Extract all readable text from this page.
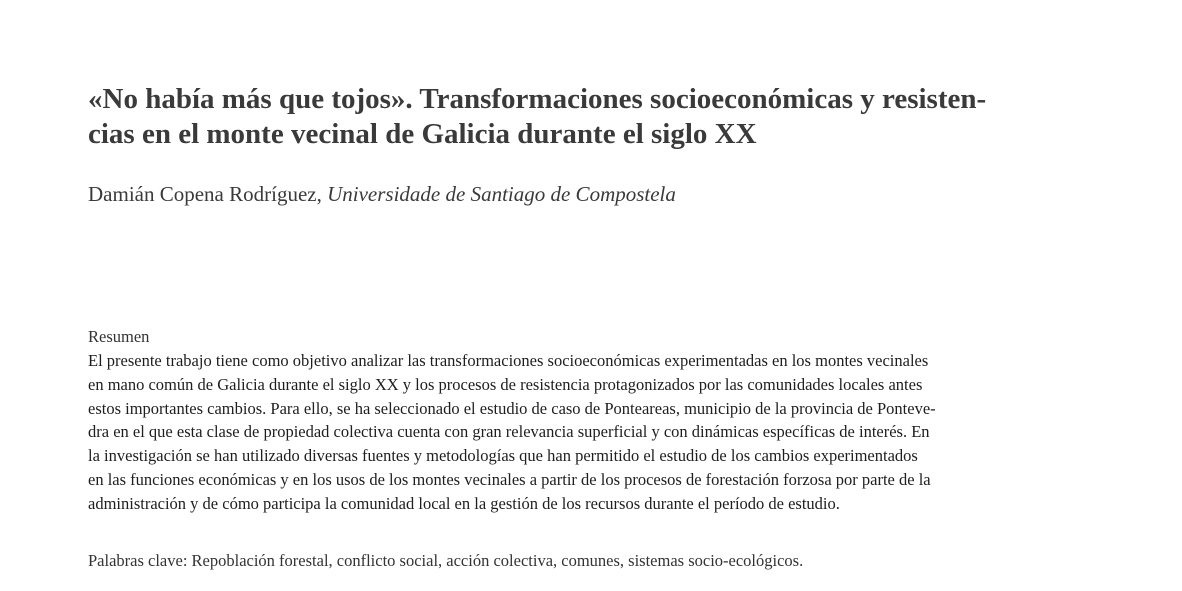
«No había más que tojos». Transformaciones socioeconómicas y resisten-
cias en el monte vecinal de Galicia durante el siglo XX

Damián Copena Rodríguez, Universidade de Santiago de Compostela

Resumen

El presente trabajo tiene como objetivo analizar las transformaciones socioeconómicas experimentadas en los montes vecinales
en mano común de Galicia durante el siglo XX y los procesos de resistencia protagonizados por las comunidades locales antes
estos importantes cambios. Para ello, se ha seleccionado el estudio de caso de Ponteareas, municipio de la provincia de Ponteve-
dra en el que esta clase de propiedad colectiva cuenta con gran relevancia superficial y con dinámicas específicas de interés. En
la investigación se han utilizado diversas fuentes y metodologías que han permitido el estudio de los cambios experimentados
en las funciones económicas y en los usos de los montes vecinales a partir de los procesos de forestación forzosa por parte de la
administración y de cómo participa la comunidad local en la gestión de los recursos durante el período de estudio.

Palabras clave: Repoblación forestal, conflicto social, acción colectiva, comunes, sistemas socio-ecológicos.
